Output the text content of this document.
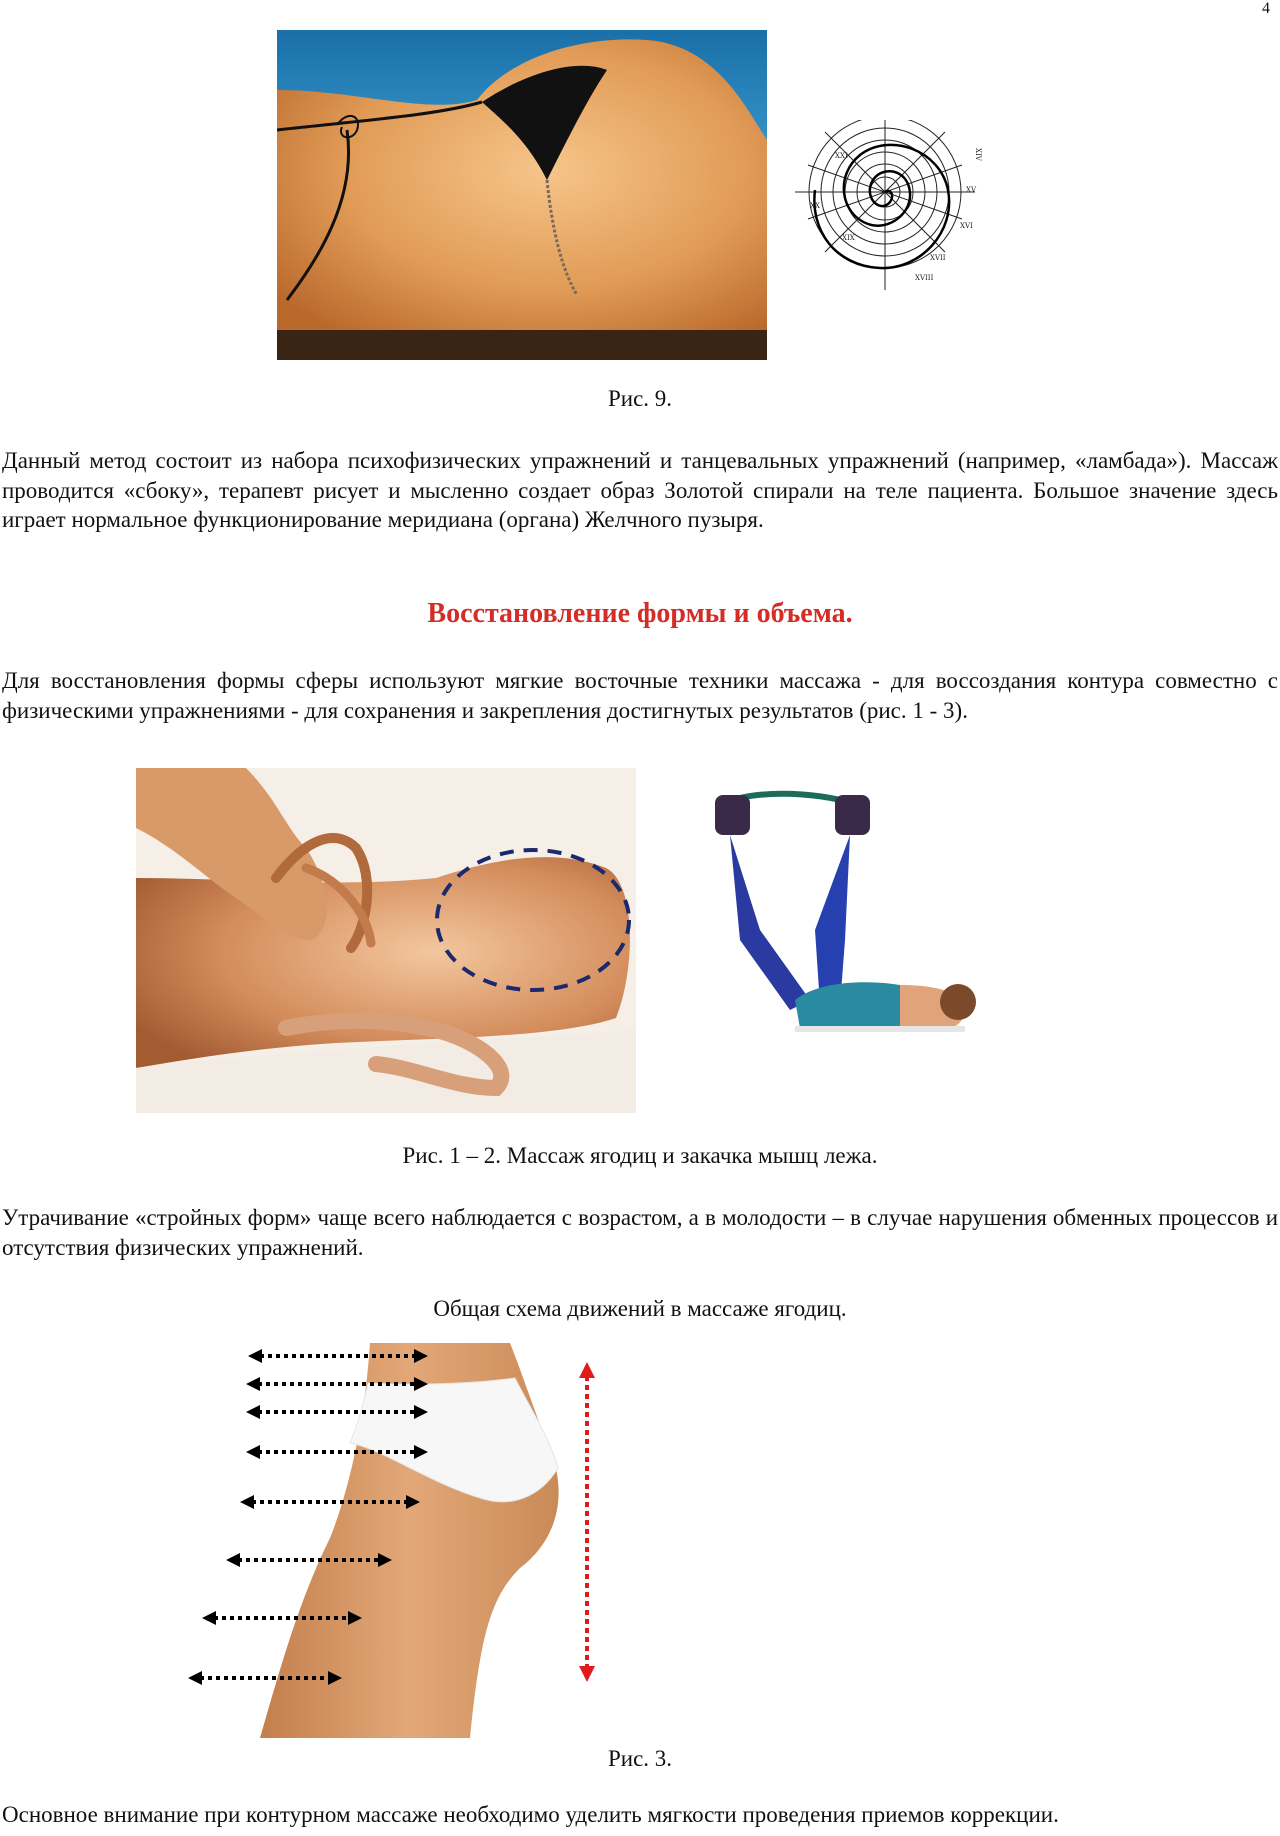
4
XIV
XV
XVI
XVII
XVIII
XIX
XX
XXI
Рис. 9.
Данный метод состоит из набора психофизических упражнений и танцевальных упражнений (например, «ламбада»). Массаж проводится «сбоку», терапевт рисует и мысленно создает образ Золотой спирали на теле пациента. Большое значение здесь играет нормальное функционирование меридиана (органа) Желчного пузыря.
Восстановление формы и объема.
Для восстановления формы сферы используют мягкие восточные техники массажа - для воссоздания контура совместно с физическими упражнениями - для сохранения и закрепления достигнутых результатов (рис. 1 - 3).
Рис. 1 – 2. Массаж ягодиц и закачка мышц лежа.
Утрачивание «стройных форм» чаще всего наблюдается с возрастом, а в молодости – в случае нарушения обменных процессов и отсутствия физических упражнений.
Общая схема движений в массаже ягодиц.
Рис. 3.
Основное внимание при контурном массаже необходимо уделить мягкости проведения приемов коррекции.
